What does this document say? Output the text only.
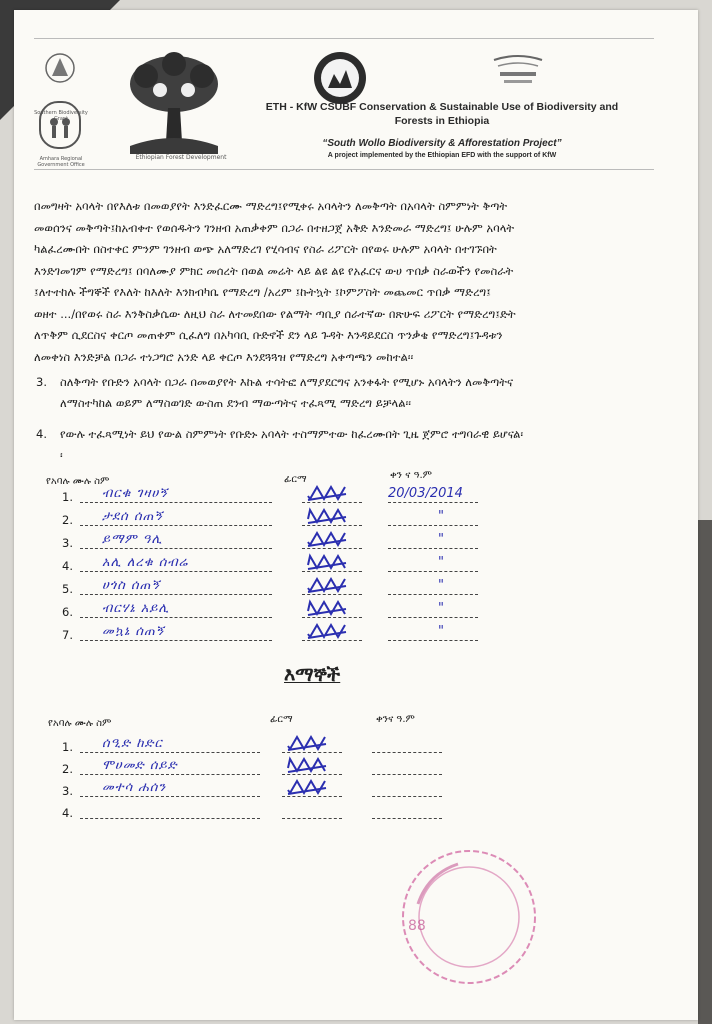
Southern Biodiversity Grant
Amhara Regional Government Office
Ethiopian Forest Development
ETH - KfW CSUBF Conservation & Sustainable Use of Biodiversity and
Forests in Ethiopia
“South Wollo Biodiversity & Afforestation Project”
A project implemented by the Ethiopian EFD with the support of KfW
በመግዛት አባላት በየእለቱ በመወያየት እንድፈርሙ ማድረግ፤የሚቀሩ አባላትን ለመቅጣት በአባላት ስምምነት ቅጣት
መወሰንና መቅጣት፤ከአብቀተ የወሰዱትን ገንዘብ አጠቃቀም በጋራ በተዘጋጀ አቅድ እንድመራ ማድረግ፤ ሁሉም አባላት
ካልፈረሙበት በስተቀር ምንም ገንዘብ ወጭ አለማድረገ የሂሳብና የስራ ሪፖርት በየወሩ ሁሉም አባላት በተገኙበት
እንድገመገም የማድረግ፤ በባለሙያ ምክር መሰረት በወል መሬት ላይ ልዩ ልዩ የአፈርና ውሀ ጥበቃ ስራወችን የመስራት
፤ለተተከሉ ችግኞች የእለት ከእለት እንክብካቤ የማድረግ /አረም ፤ኩትኳት ፤ኮምፖስት መጨመር ጥበቃ ማድረግ፤
ወዘተ .../በየወሩ ስራ እንቅስቃሴው ለዚህ ስራ ለተመደበው የልማት ጣቢያ ሰራተኛው በጽሁፍ ሪፖርት የማድረግ፤ድት
ለጥቅም ሲደርስና ቀርጦ መጠቀም ሲፈለግ በአካባቢ ቡድኖች ደን ላይ ጉዳት እንዳይደርስ ጥንቃቄ የማድረግ፤ጉዳቱን
ለመቀነስ እንድቻል በጋራ ተነጋግሮ አንድ ላይ ቀርጦ እንደጓጓዝ የማድረግ አቀጣጫን መከተል፡፡
3. ስለቅጣት የቡድን አባላት በጋራ በመወያየት እኩል ተሳትፎ ለማያደርግና አንቀፋት የሚሆኑ አባላትን ለመቅጣትና
ለማስተካከል ወይም ለማስወገድ ውስጠ ደንብ ማውጣትና ተፈጻሚ ማድረግ ይቻላል፡፡
4. የውሉ ተፈጻሚነት ይህ የውል ስምምነት የቡድኑ አባላት ተስማምተው ከፈረሙበት ጊዜ ጀምሮ ተግባራዊ ይሆናል፡
፡
የአባሉ ሙሉ ስም	ፊርማ	ቀን ና ዓ.ም
1. ብርቁ ገዛሀኝ	20/03/2014
2. ታደሰ ሰጠኝ	"
3. ይማም ዓሊ	"
4. አሊ ለረቁ ሰብሬ	"
5. ሀጎስ ሰጠኝ	"
6. ብርሃኔ አይሊ	"
7. መኳኔ ሰጠኝ	"
እማኞች
የአባሉ ሙሉ ስም	ፊርማ	ቀንና ዓ.ም
1. ሰዒድ ከድር
2. ሞሀመድ ሰይድ
3. መተሳ ሐሰን
4.
88
